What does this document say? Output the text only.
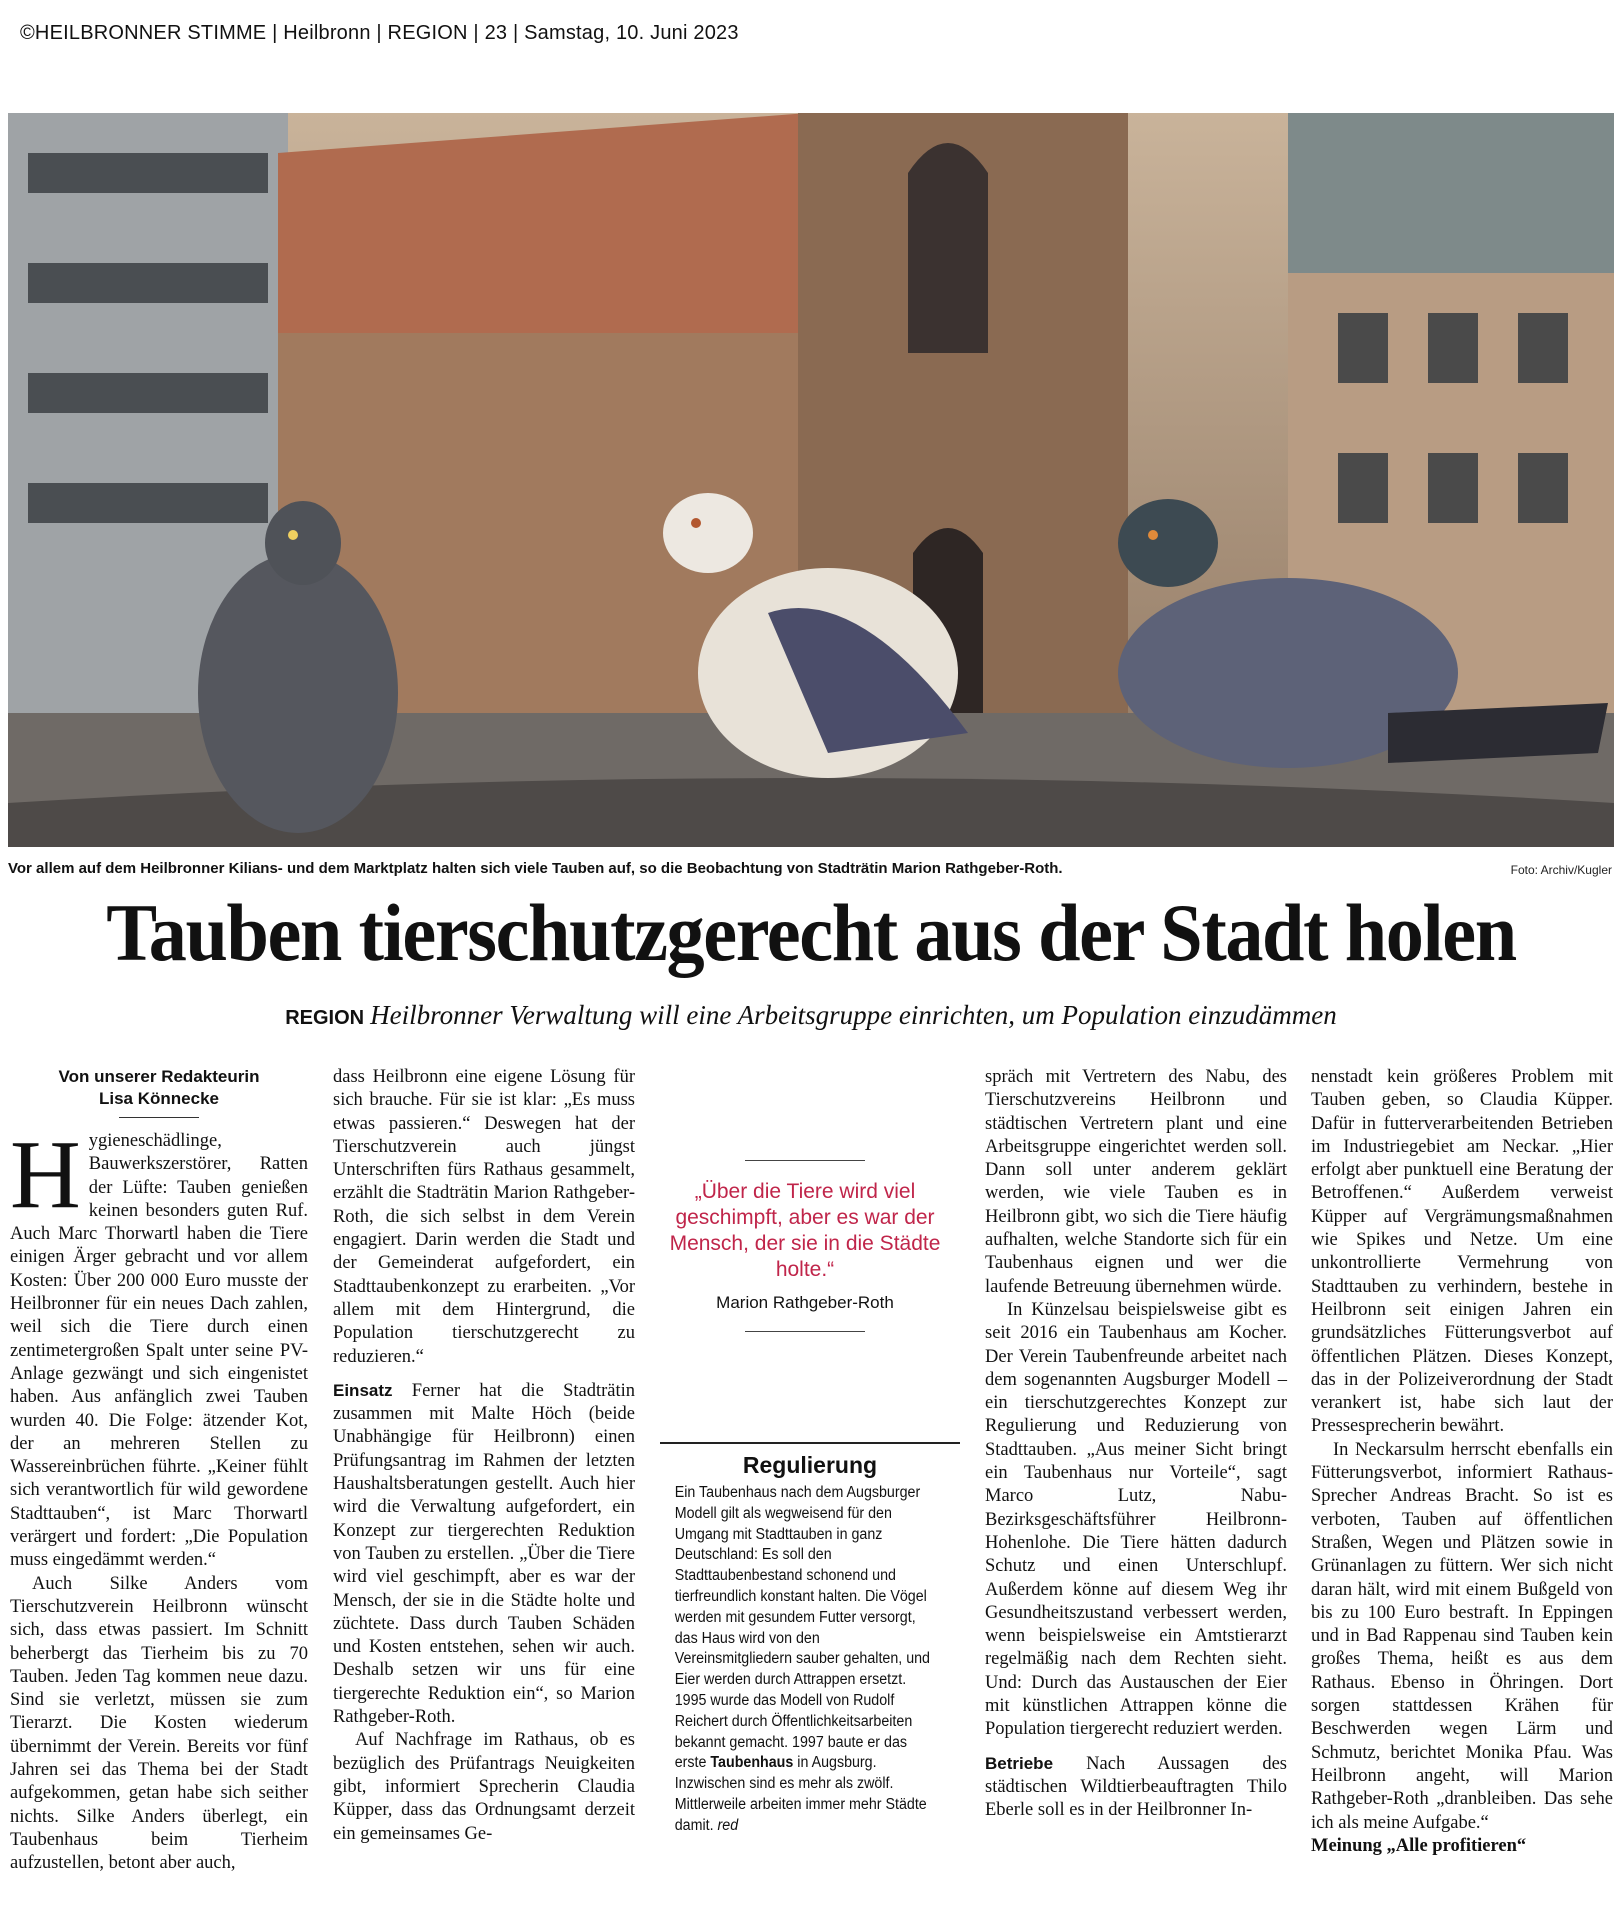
©HEILBRONNER STIMME | Heilbronn | REGION | 23 | Samstag, 10. Juni 2023
Vor allem auf dem Heilbronner Kilians- und dem Marktplatz halten sich viele Tauben auf, so die Beobachtung von Stadträtin Marion Rathgeber-Roth.	Foto: Archiv/Kugler
Tauben tierschutzgerecht aus der Stadt holen
REGION Heilbronner Verwaltung will eine Arbeitsgruppe einrichten, um Population einzudämmen
Von unserer Redakteurin
Lisa Könnecke

Hygieneschädlinge, Bauwerkszerstörer, Ratten der Lüfte: Tauben genießen keinen besonders guten Ruf. Auch Marc Thorwartl haben die Tiere einigen Ärger gebracht und vor allem Kosten: Über 200 000 Euro musste der Heilbronner für ein neues Dach zahlen, weil sich die Tiere durch einen zentimetergroßen Spalt unter seine PV-Anlage gezwängt und sich eingenistet haben. Aus anfänglich zwei Tauben wurden 40. Die Folge: ätzender Kot, der an mehreren Stellen zu Wassereinbrüchen führte. „Keiner fühlt sich verantwortlich für wild gewordene Stadttauben“, ist Marc Thorwartl verärgert und fordert: „Die Population muss eingedämmt werden.“

Auch Silke Anders vom Tierschutzverein Heilbronn wünscht sich, dass etwas passiert. Im Schnitt beherbergt das Tierheim bis zu 70 Tauben. Jeden Tag kommen neue dazu. Sind sie verletzt, müssen sie zum Tierarzt. Die Kosten wiederum übernimmt der Verein. Bereits vor fünf Jahren sei das Thema bei der Stadt aufgekommen, getan habe sich seither nichts. Silke Anders überlegt, ein Taubenhaus beim Tierheim aufzustellen, betont aber auch,

dass Heilbronn eine eigene Lösung für sich brauche. Für sie ist klar: „Es muss etwas passieren.“ Deswegen hat der Tierschutzverein auch jüngst Unterschriften fürs Rathaus gesammelt, erzählt die Stadträtin Marion Rathgeber-Roth, die sich selbst in dem Verein engagiert. Darin werden die Stadt und der Gemeinderat aufgefordert, ein Stadttaubenkonzept zu erarbeiten. „Vor allem mit dem Hintergrund, die Population tierschutzgerecht zu reduzieren.“

Einsatz Ferner hat die Stadträtin zusammen mit Malte Höch (beide Unabhängige für Heilbronn) einen Prüfungsantrag im Rahmen der letzten Haushaltsberatungen gestellt. Auch hier wird die Verwaltung aufgefordert, ein Konzept zur tiergerechten Reduktion von Tauben zu erstellen. „Über die Tiere wird viel geschimpft, aber es war der Mensch, der sie in die Städte holte und züchtete. Dass durch Tauben Schäden und Kosten entstehen, sehen wir auch. Deshalb setzen wir uns für eine tiergerechte Reduktion ein“, so Marion Rathgeber-Roth.

Auf Nachfrage im Rathaus, ob es bezüglich des Prüfantrags Neuigkeiten gibt, informiert Sprecherin Claudia Küpper, dass das Ordnungsamt derzeit ein gemeinsames Ge-

„Über die Tiere wird viel geschimpft, aber es war der Mensch, der sie in die Städte holte.“
Marion Rathgeber-Roth
Regulierung

Ein Taubenhaus nach dem Augsburger Modell gilt als wegweisend für den Umgang mit Stadttauben in ganz Deutschland: Es soll den Stadttaubenbestand schonend und tierfreundlich konstant halten. Die Vögel werden mit gesundem Futter versorgt, das Haus wird von den Vereinsmitgliedern sauber gehalten, und Eier werden durch Attrappen ersetzt. 1995 wurde das Modell von Rudolf Reichert durch Öffentlichkeitsarbeiten bekannt gemacht. 1997 baute er das erste Taubenhaus in Augsburg. Inzwischen sind es mehr als zwölf. Mittlerweile arbeiten immer mehr Städte damit. red

spräch mit Vertretern des Nabu, des Tierschutzvereins Heilbronn und städtischen Vertretern plant und eine Arbeitsgruppe eingerichtet werden soll. Dann soll unter anderem geklärt werden, wie viele Tauben es in Heilbronn gibt, wo sich die Tiere häufig aufhalten, welche Standorte sich für ein Taubenhaus eignen und wer die laufende Betreuung übernehmen würde.

In Künzelsau beispielsweise gibt es seit 2016 ein Taubenhaus am Kocher. Der Verein Taubenfreunde arbeitet nach dem sogenannten Augsburger Modell – ein tierschutzgerechtes Konzept zur Regulierung und Reduzierung von Stadttauben. „Aus meiner Sicht bringt ein Taubenhaus nur Vorteile“, sagt Marco Lutz, Nabu-Bezirksgeschäftsführer Heilbronn-Hohenlohe. Die Tiere hätten dadurch Schutz und einen Unterschlupf. Außerdem könne auf diesem Weg ihr Gesundheitszustand verbessert werden, wenn beispielsweise ein Amtstierarzt regelmäßig nach dem Rechten sieht. Und: Durch das Austauschen der Eier mit künstlichen Attrappen könne die Population tiergerecht reduziert werden.

Betriebe Nach Aussagen des städtischen Wildtierbeauftragten Thilo Eberle soll es in der Heilbronner In-

nenstadt kein größeres Problem mit Tauben geben, so Claudia Küpper. Dafür in futterverarbeitenden Betrieben im Industriegebiet am Neckar. „Hier erfolgt aber punktuell eine Beratung der Betroffenen.“ Außerdem verweist Küpper auf Vergrämungsmaßnahmen wie Spikes und Netze. Um eine unkontrollierte Vermehrung von Stadttauben zu verhindern, bestehe in Heilbronn seit einigen Jahren ein grundsätzliches Fütterungsverbot auf öffentlichen Plätzen. Dieses Konzept, das in der Polizeiverordnung der Stadt verankert ist, habe sich laut der Pressesprecherin bewährt.

In Neckarsulm herrscht ebenfalls ein Fütterungsverbot, informiert Rathaus-Sprecher Andreas Bracht. So ist es verboten, Tauben auf öffentlichen Straßen, Wegen und Plätzen sowie in Grünanlagen zu füttern. Wer sich nicht daran hält, wird mit einem Bußgeld von bis zu 100 Euro bestraft. In Eppingen und in Bad Rappenau sind Tauben kein großes Thema, heißt es aus dem Rathaus. Ebenso in Öhringen. Dort sorgen stattdessen Krähen für Beschwerden wegen Lärm und Schmutz, berichtet Monika Pfau. Was Heilbronn angeht, will Marion Rathgeber-Roth „dranbleiben. Das sehe ich als meine Aufgabe.“

Meinung „Alle profitieren“
